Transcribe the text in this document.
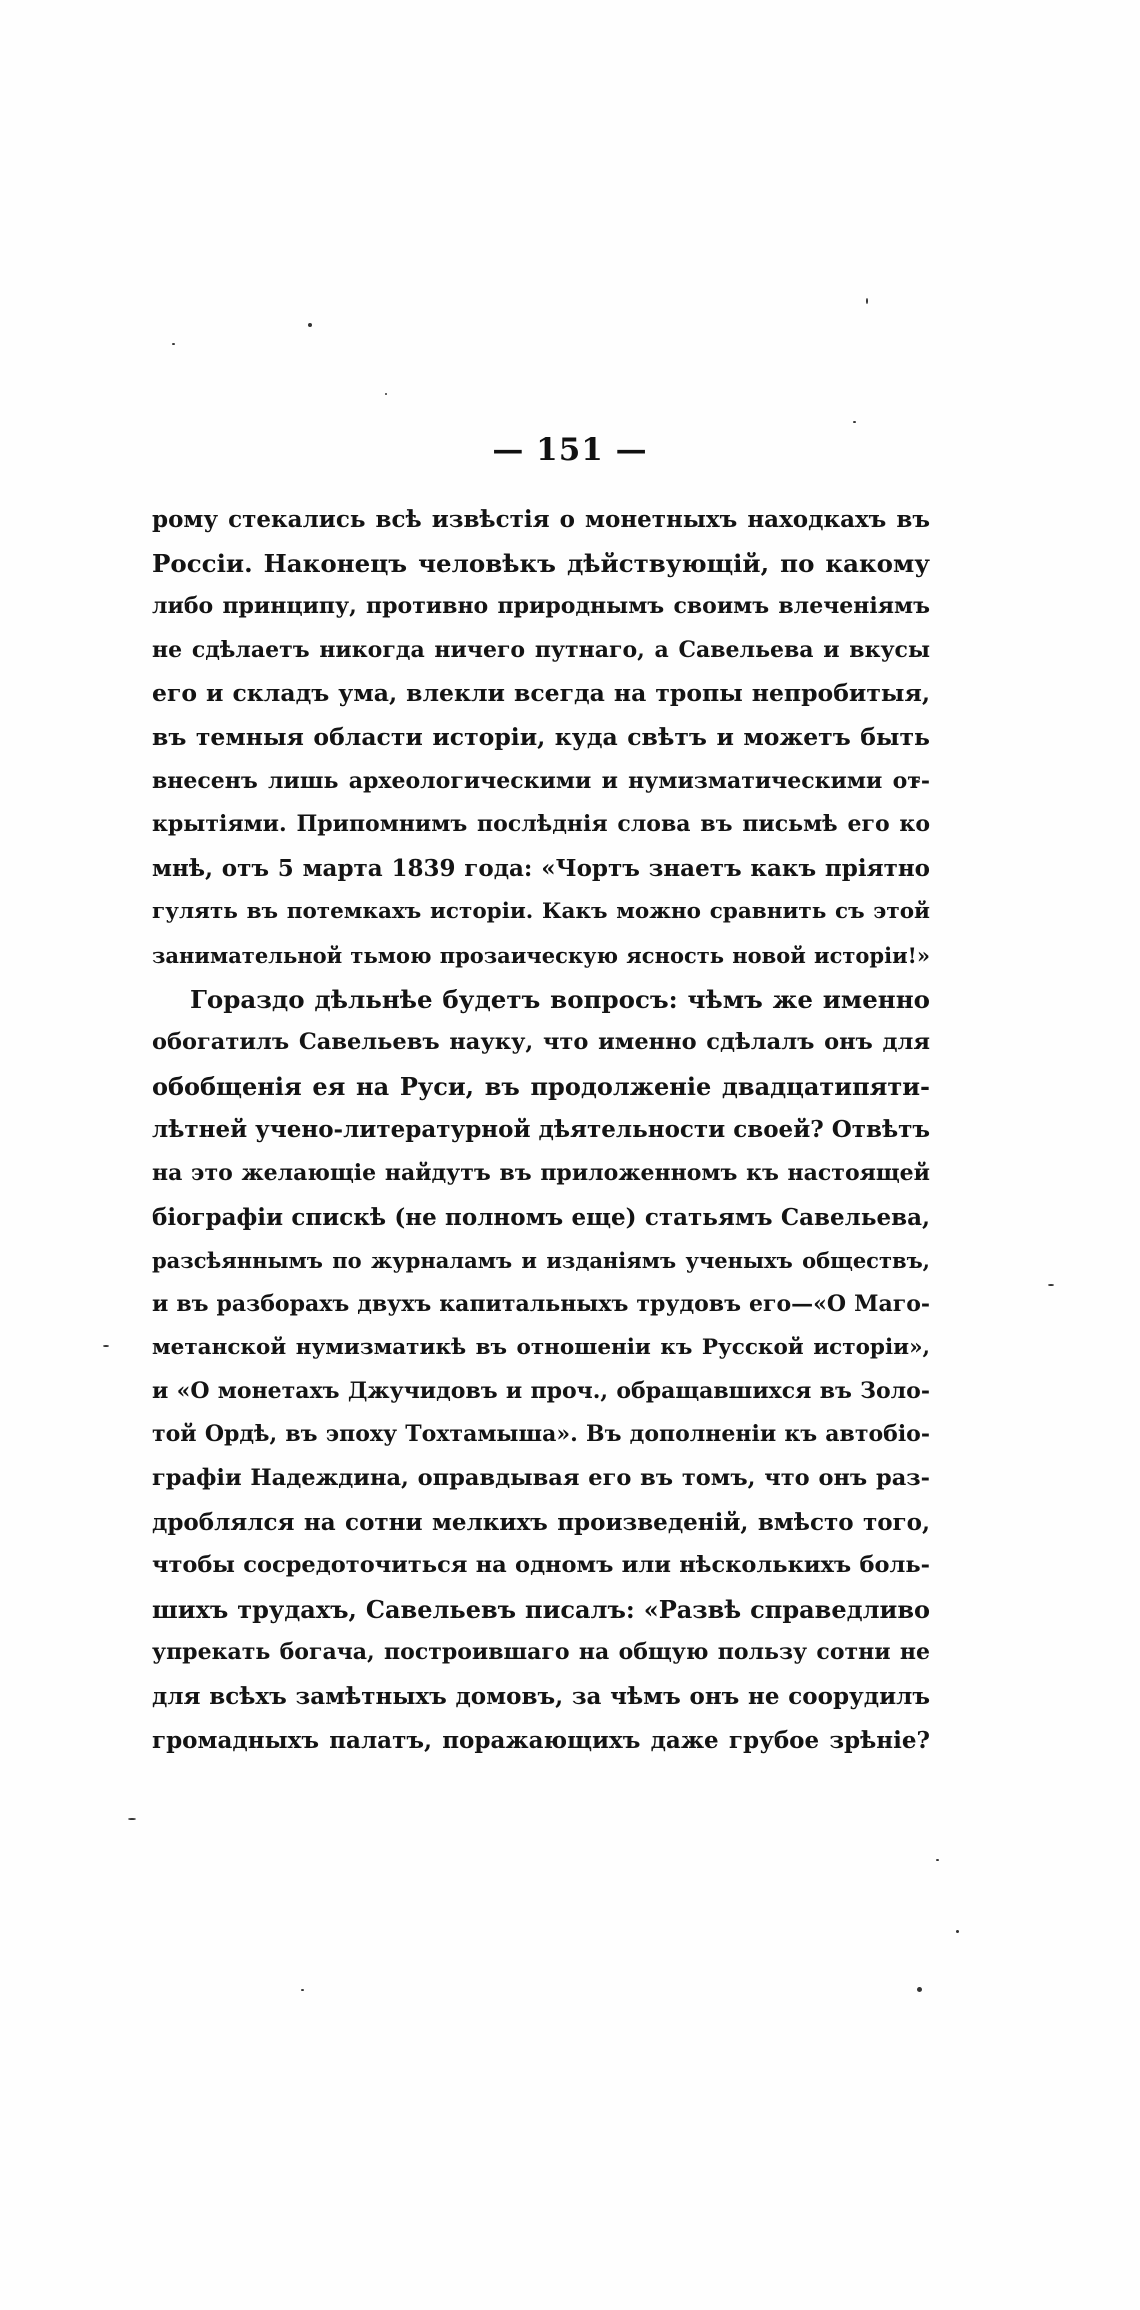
— 151 —
рому стекались всѣ извѣстія о монетныхъ находкахъ въ
Россіи. Наконецъ человѣкъ дѣйствующій, по какому
либо принципу, противно природнымъ своимъ влеченіямъ
не сдѣлаетъ никогда ничего путнаго, а Савельева и вкусы
его и складъ ума, влекли всегда на тропы непробитыя,
въ темныя области исторіи, куда свѣтъ и можетъ быть
внесенъ лишь археологическими и нумизматическими от-
крытіями. Припомнимъ послѣднія слова въ письмѣ его ко
мнѣ, отъ 5 марта 1839 года: «Чортъ знаетъ какъ пріятно
гулять въ потемкахъ исторіи. Какъ можно сравнить съ этой
занимательной тьмою прозаическую ясность новой исторіи!»
Гораздо дѣльнѣе будетъ вопросъ: чѣмъ же именно
обогатилъ Савельевъ науку, что именно сдѣлалъ онъ для
обобщенія ея на Руси, въ продолженіе двадцатипяти-
лѣтней учено-литературной дѣятельности своей? Отвѣтъ
на это желающіе найдутъ въ приложенномъ къ настоящей
біографіи спискѣ (не полномъ еще) статьямъ Савельева,
разсѣяннымъ по журналамъ и изданіямъ ученыхъ обществъ,
и въ разборахъ двухъ капитальныхъ трудовъ его—«О Маго-
метанской нумизматикѣ въ отношеніи къ Русской исторіи»,
и «О монетахъ Джучидовъ и проч., обращавшихся въ Золо-
той Ордѣ, въ эпоху Тохтамыша». Въ дополненіи къ автобіо-
графіи Надеждина, оправдывая его въ томъ, что онъ раз-
дроблялся на сотни мелкихъ произведеній, вмѣсто того,
чтобы сосредоточиться на одномъ или нѣсколькихъ боль-
шихъ трудахъ, Савельевъ писалъ: «Развѣ справедливо
упрекать богача, построившаго на общую пользу сотни не
для всѣхъ замѣтныхъ домовъ, за чѣмъ онъ не соорудилъ
громадныхъ палатъ, поражающихъ даже грубое зрѣніе?
